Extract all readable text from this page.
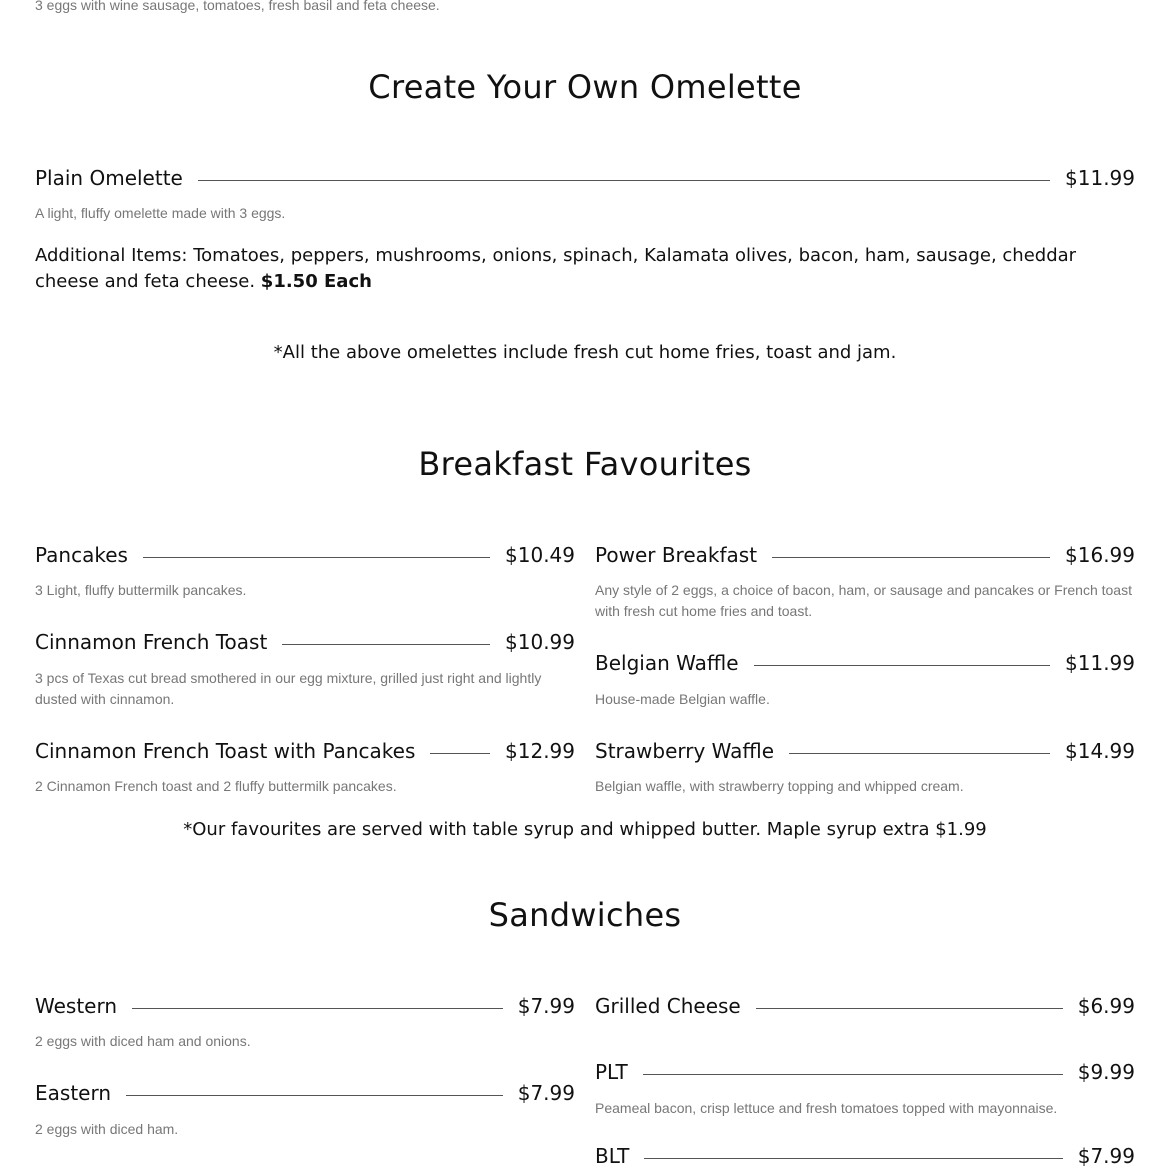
3 eggs with wine sausage, tomatoes, fresh basil and feta cheese.
Create Your Own Omelette
Plain Omelette	$11.99
A light, fluffy omelette made with 3 eggs.
Additional Items: Tomatoes, peppers, mushrooms, onions, spinach, Kalamata olives, bacon, ham, sausage, cheddar cheese and feta cheese. $1.50 Each
*All the above omelettes include fresh cut home fries, toast and jam.
Breakfast Favourites
Pancakes	$10.49
3 Light, fluffy buttermilk pancakes.
Cinnamon French Toast	$10.99
3 pcs of Texas cut bread smothered in our egg mixture, grilled just right and lightly dusted with cinnamon.
Cinnamon French Toast with Pancakes	$12.99
2 Cinnamon French toast and 2 fluffy buttermilk pancakes.
Power Breakfast	$16.99
Any style of 2 eggs, a choice of bacon, ham, or sausage and pancakes or French toast with fresh cut home fries and toast.
Belgian Waffle	$11.99
House-made Belgian waffle.
Strawberry Waffle	$14.99
Belgian waffle, with strawberry topping and whipped cream.
*Our favourites are served with table syrup and whipped butter. Maple syrup extra $1.99
Sandwiches
Western	$7.99
2 eggs with diced ham and onions.
Eastern	$7.99
2 eggs with diced ham.
Grilled Cheese	$6.99
PLT	$9.99
Peameal bacon, crisp lettuce and fresh tomatoes topped with mayonnaise.
BLT	$7.99
